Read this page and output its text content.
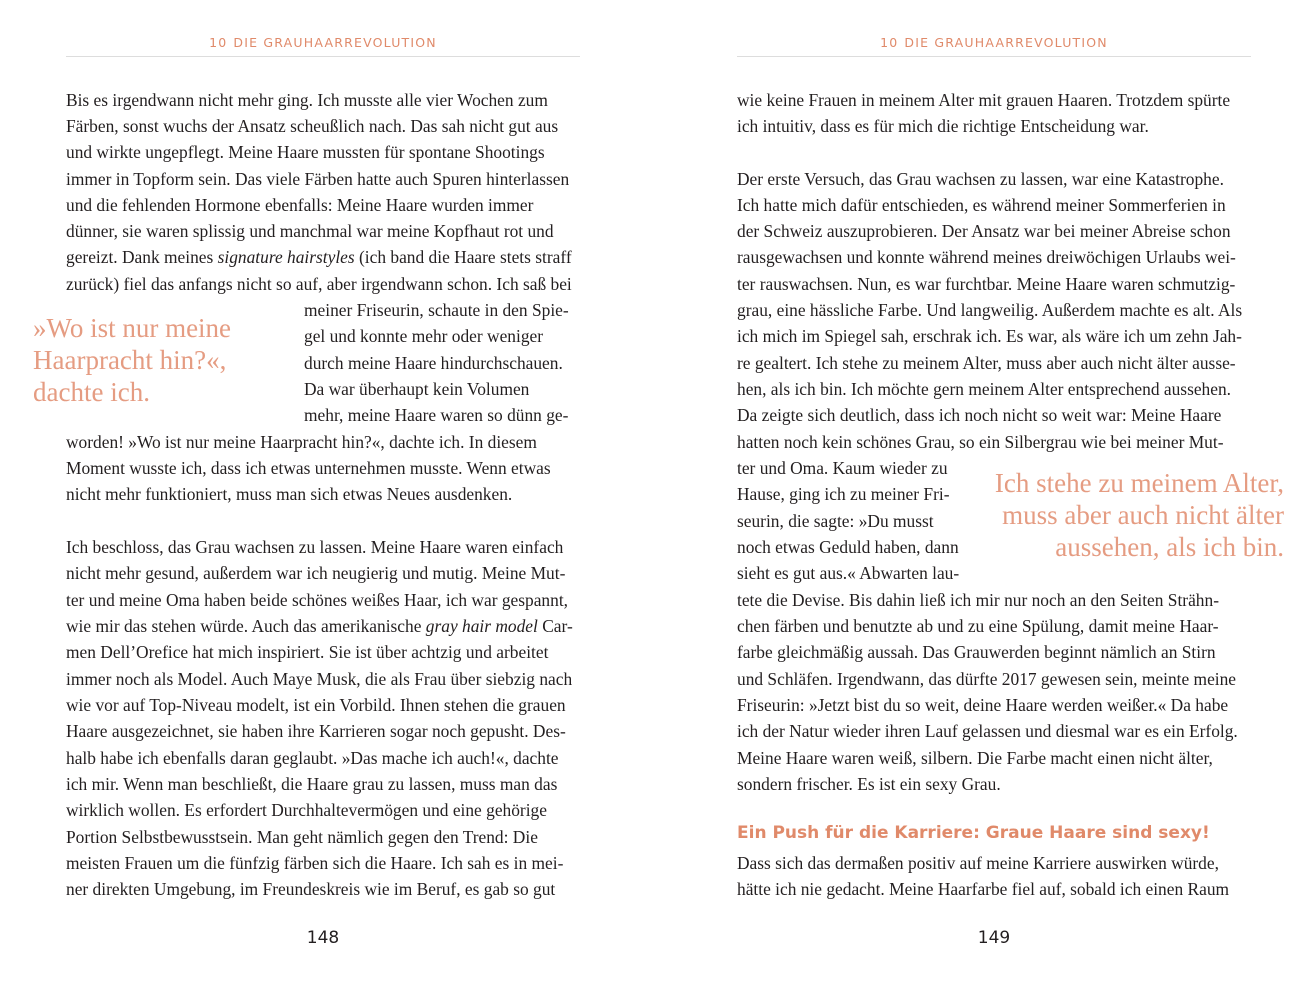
10 DIE GRAUHAARREVOLUTION
Bis es irgendwann nicht mehr ging. Ich musste alle vier Wochen zum
Färben, sonst wuchs der Ansatz scheußlich nach. Das sah nicht gut aus
und wirkte ungepflegt. Meine Haare mussten für spontane Shootings
immer in Topform sein. Das viele Färben hatte auch Spuren hinterlassen
und die fehlenden Hormone ebenfalls: Meine Haare wurden immer
dünner, sie waren splissig und manchmal war meine Kopfhaut rot und
gereizt. Dank meines signature hairstyles (ich band die Haare stets straff
zurück) fiel das anfangs nicht so auf, aber irgendwann schon. Ich saß bei
meiner Friseurin, schaute in den Spie-
gel und konnte mehr oder weniger
durch meine Haare hindurchschauen.
Da war überhaupt kein Volumen
mehr, meine Haare waren so dünn ge-
worden! »Wo ist nur meine Haarpracht hin?«, dachte ich. In diesem
Moment wusste ich, dass ich etwas unternehmen musste. Wenn etwas
nicht mehr funktioniert, muss man sich etwas Neues ausdenken.
Ich beschloss, das Grau wachsen zu lassen. Meine Haare waren einfach
nicht mehr gesund, außerdem war ich neugierig und mutig. Meine Mut-
ter und meine Oma haben beide schönes weißes Haar, ich war gespannt,
wie mir das stehen würde. Auch das amerikanische gray hair model Car-
men Dell’Orefice hat mich inspiriert. Sie ist über achtzig und arbeitet
immer noch als Model. Auch Maye Musk, die als Frau über siebzig nach
wie vor auf Top-Niveau modelt, ist ein Vorbild. Ihnen stehen die grauen
Haare ausgezeichnet, sie haben ihre Karrieren sogar noch gepusht. Des-
halb habe ich ebenfalls daran geglaubt. »Das mache ich auch!«, dachte
ich mir. Wenn man beschließt, die Haare grau zu lassen, muss man das
wirklich wollen. Es erfordert Durchhaltevermögen und eine gehörige
Portion Selbstbewusstsein. Man geht nämlich gegen den Trend: Die
meisten Frauen um die fünfzig färben sich die Haare. Ich sah es in mei-
ner direkten Umgebung, im Freundeskreis wie im Beruf, es gab so gut
»Wo ist nur meine
Haarpracht hin?«,
dachte ich.
148
10 DIE GRAUHAARREVOLUTION
wie keine Frauen in meinem Alter mit grauen Haaren. Trotzdem spürte
ich intuitiv, dass es für mich die richtige Entscheidung war.
Der erste Versuch, das Grau wachsen zu lassen, war eine Katastrophe.
Ich hatte mich dafür entschieden, es während meiner Sommerferien in
der Schweiz auszuprobieren. Der Ansatz war bei meiner Abreise schon
rausgewachsen und konnte während meines dreiwöchigen Urlaubs wei-
ter rauswachsen. Nun, es war furchtbar. Meine Haare waren schmutzig-
grau, eine hässliche Farbe. Und langweilig. Außerdem machte es alt. Als
ich mich im Spiegel sah, erschrak ich. Es war, als wäre ich um zehn Jah-
re gealtert. Ich stehe zu meinem Alter, muss aber auch nicht älter ausse-
hen, als ich bin. Ich möchte gern meinem Alter entsprechend aussehen.
Da zeigte sich deutlich, dass ich noch nicht so weit war: Meine Haare
hatten noch kein schönes Grau, so ein Silbergrau wie bei meiner Mut-
ter und Oma. Kaum wieder zu
Hause, ging ich zu meiner Fri-
seurin, die sagte: »Du musst
noch etwas Geduld haben, dann
sieht es gut aus.« Abwarten lau-
tete die Devise. Bis dahin ließ ich mir nur noch an den Seiten Strähn-
chen färben und benutzte ab und zu eine Spülung, damit meine Haar-
farbe gleichmäßig aussah. Das Grauwerden beginnt nämlich an Stirn
und Schläfen. Irgendwann, das dürfte 2017 gewesen sein, meinte meine
Friseurin: »Jetzt bist du so weit, deine Haare werden weißer.« Da habe
ich der Natur wieder ihren Lauf gelassen und diesmal war es ein Erfolg.
Meine Haare waren weiß, silbern. Die Farbe macht einen nicht älter,
sondern frischer. Es ist ein sexy Grau.
Ein Push für die Karriere: Graue Haare sind sexy!
Dass sich das dermaßen positiv auf meine Karriere auswirken würde,
hätte ich nie gedacht. Meine Haarfarbe fiel auf, sobald ich einen Raum
Ich stehe zu meinem Alter,
muss aber auch nicht älter
aussehen, als ich bin.
149
